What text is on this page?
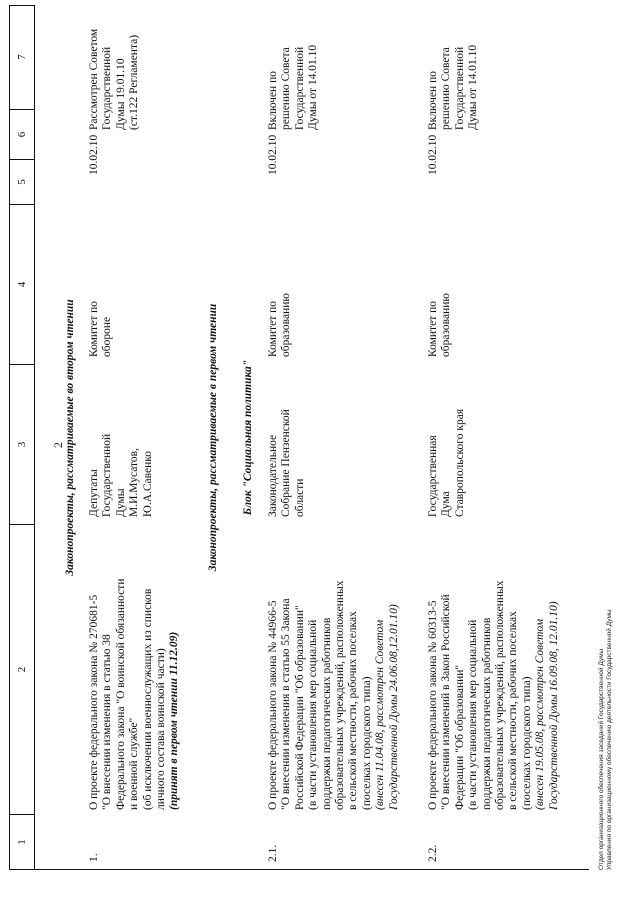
2
1
2
3
4
5
6
7
Законопроекты, рассматриваемые во втором чтении
1.
О проекте федерального закона № 270681-5 "О внесении изменения в статью 38 Федерального закона "О воинской обязанности и военной службе" (об исключении военнослужащих из списков личного состава воинской части) (принят в первом чтении 11.12.09)
Депутаты Государственной Думы М.И.Мусатов, Ю.А.Савенко
Комитет по обороне
10.02.10
Рассмотрен Советом Государственной Думы 19.01.10 (ст.122 Регламента)
Законопроекты, рассматриваемые в первом чтении Блок "Социальная политика"
2.1.
О проекте федерального закона № 44966-5 "О внесении изменения в статью 55 Закона Российской Федерации "Об образовании" (в части установления мер социальной поддержки педагогических работников образовательных учреждений, расположенных в сельской местности, рабочих поселках (поселках городского типа) (внесен 11.04.08, рассмотрен Советом Государственной Думы 24.06.08,12.01.10)
Законодательное Собрание Пензенской области
Комитет по образованию
10.02.10
Включен по решению Совета Государственной Думы от 14.01.10
2.2.
О проекте федерального закона № 60313-5 "О внесении изменений в Закон Российской Федерации "Об образовании" (в части установления мер социальной поддержки педагогических работников образовательных учреждений, расположенных в сельской местности, рабочих поселках (поселках городского типа) (внесен 19.05.08, рассмотрен Советом Государственной Думы 16.09.08, 12.01.10)
Государственная Дума Ставропольского края
Комитет по образованию
10.02.10
Включен по решению Совета Государственной Думы от 14.01.10
Отдел организационного обеспечения заседаний Государственной Думы Управления по организационному обеспечению деятельности Государственной Думы
